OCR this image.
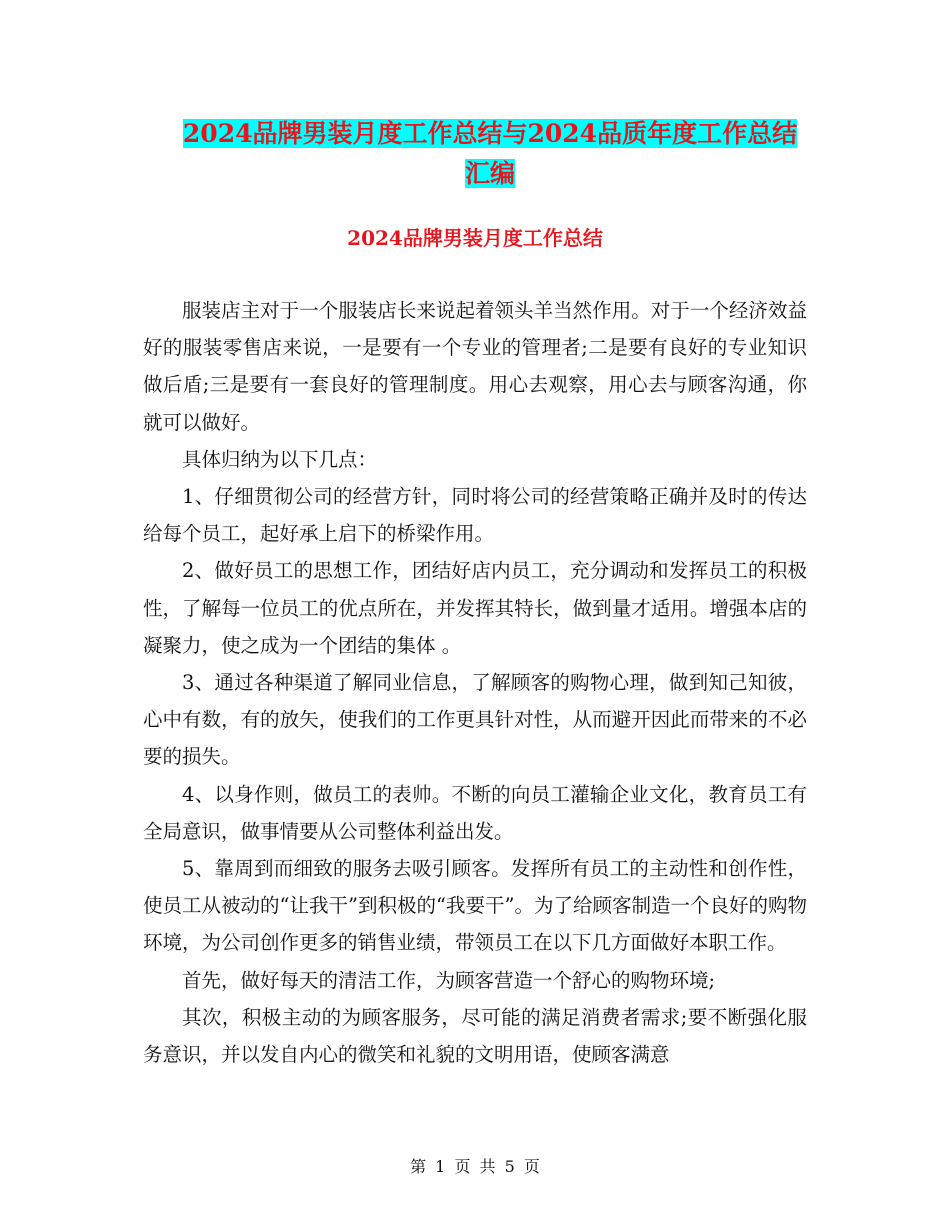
2024品牌男装月度工作总结与2024品质年度工作总结
汇编
2024品牌男装月度工作总结

服装店主对于一个服装店长来说起着领头羊当然作用。对于一个经济效益好的服装零售店来说，一是要有一个专业的管理者;二是要有良好的专业知识做后盾;三是要有一套良好的管理制度。用心去观察，用心去与顾客沟通，你就可以做好。

具体归纳为以下几点：

1、仔细贯彻公司的经营方针，同时将公司的经营策略正确并及时的传达给每个员工，起好承上启下的桥梁作用。

2、做好员工的思想工作，团结好店内员工，充分调动和发挥员工的积极性，了解每一位员工的优点所在，并发挥其特长，做到量才适用。增强本店的凝聚力，使之成为一个团结的集体 。

3、通过各种渠道了解同业信息，了解顾客的购物心理，做到知己知彼，心中有数，有的放矢，使我们的工作更具针对性，从而避开因此而带来的不必要的损失。

4、以身作则，做员工的表帅。不断的向员工灌输企业文化，教育员工有全局意识，做事情要从公司整体利益出发。

5、靠周到而细致的服务去吸引顾客。发挥所有员工的主动性和创作性，使员工从被动的“让我干”到积极的“我要干”。为了给顾客制造一个良好的购物环境，为公司创作更多的销售业绩，带领员工在以下几方面做好本职工作。

首先，做好每天的清洁工作，为顾客营造一个舒心的购物环境;

其次，积极主动的为顾客服务，尽可能的满足消费者需求;要不断强化服务意识，并以发自内心的微笑和礼貌的文明用语，使顾客满意

第 1 页 共 5 页
